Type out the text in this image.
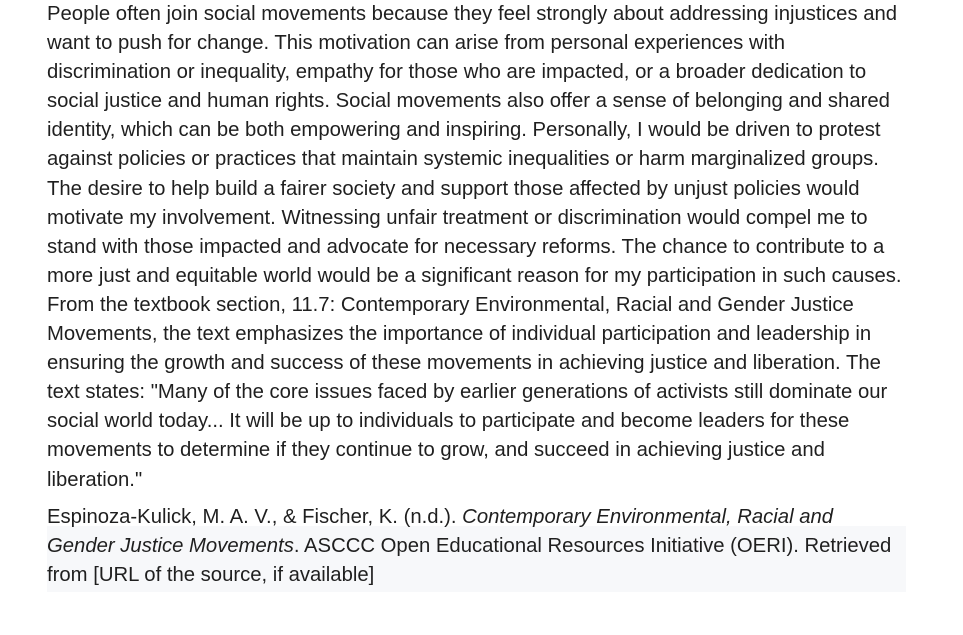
People often join social movements because they feel strongly about addressing injustices and want to push for change. This motivation can arise from personal experiences with discrimination or inequality, empathy for those who are impacted, or a broader dedication to social justice and human rights. Social movements also offer a sense of belonging and shared identity, which can be both empowering and inspiring. Personally, I would be driven to protest against policies or practices that maintain systemic inequalities or harm marginalized groups. The desire to help build a fairer society and support those affected by unjust policies would motivate my involvement. Witnessing unfair treatment or discrimination would compel me to stand with those impacted and advocate for necessary reforms. The chance to contribute to a more just and equitable world would be a significant reason for my participation in such causes. From the textbook section, 11.7: Contemporary Environmental, Racial and Gender Justice Movements, the text emphasizes the importance of individual participation and leadership in ensuring the growth and success of these movements in achieving justice and liberation. The text states: "Many of the core issues faced by earlier generations of activists still dominate our social world today... It will be up to individuals to participate and become leaders for these movements to determine if they continue to grow, and succeed in achieving justice and liberation."

Espinoza-Kulick, M. A. V., & Fischer, K. (n.d.). Contemporary Environmental, Racial and Gender Justice Movements. ASCCC Open Educational Resources Initiative (OERI). Retrieved from [URL of the source, if available]
